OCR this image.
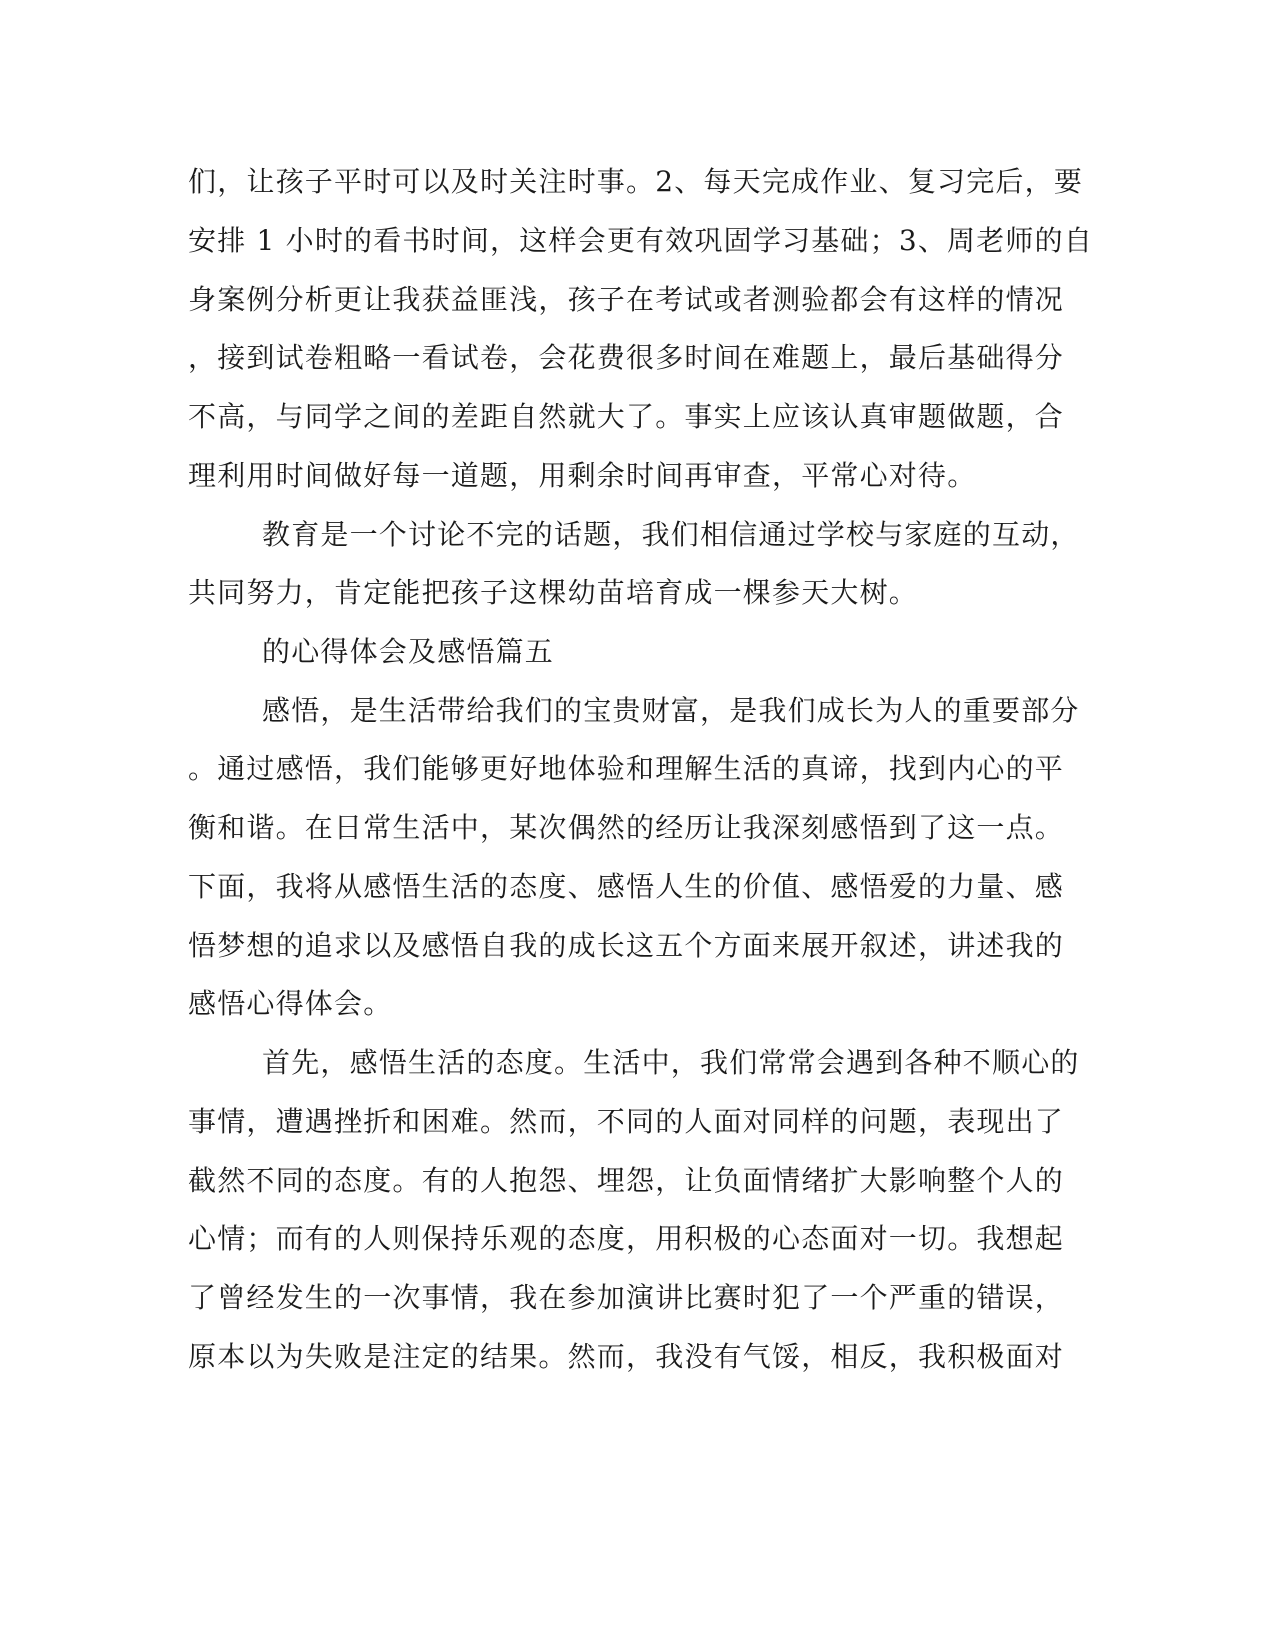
们，让孩子平时可以及时关注时事。2、每天完成作业、复习完后，要
安排 1 小时的看书时间，这样会更有效巩固学习基础；3、周老师的自
身案例分析更让我获益匪浅，孩子在考试或者测验都会有这样的情况
，接到试卷粗略一看试卷，会花费很多时间在难题上，最后基础得分
不高，与同学之间的差距自然就大了。事实上应该认真审题做题，合
理利用时间做好每一道题，用剩余时间再审查，平常心对待。
教育是一个讨论不完的话题，我们相信通过学校与家庭的互动，
共同努力，肯定能把孩子这棵幼苗培育成一棵参天大树。
的心得体会及感悟篇五
感悟，是生活带给我们的宝贵财富，是我们成长为人的重要部分
。通过感悟，我们能够更好地体验和理解生活的真谛，找到内心的平
衡和谐。在日常生活中，某次偶然的经历让我深刻感悟到了这一点。
下面，我将从感悟生活的态度、感悟人生的价值、感悟爱的力量、感
悟梦想的追求以及感悟自我的成长这五个方面来展开叙述，讲述我的
感悟心得体会。
首先，感悟生活的态度。生活中，我们常常会遇到各种不顺心的
事情，遭遇挫折和困难。然而，不同的人面对同样的问题，表现出了
截然不同的态度。有的人抱怨、埋怨，让负面情绪扩大影响整个人的
心情；而有的人则保持乐观的态度，用积极的心态面对一切。我想起
了曾经发生的一次事情，我在参加演讲比赛时犯了一个严重的错误，
原本以为失败是注定的结果。然而，我没有气馁，相反，我积极面对
